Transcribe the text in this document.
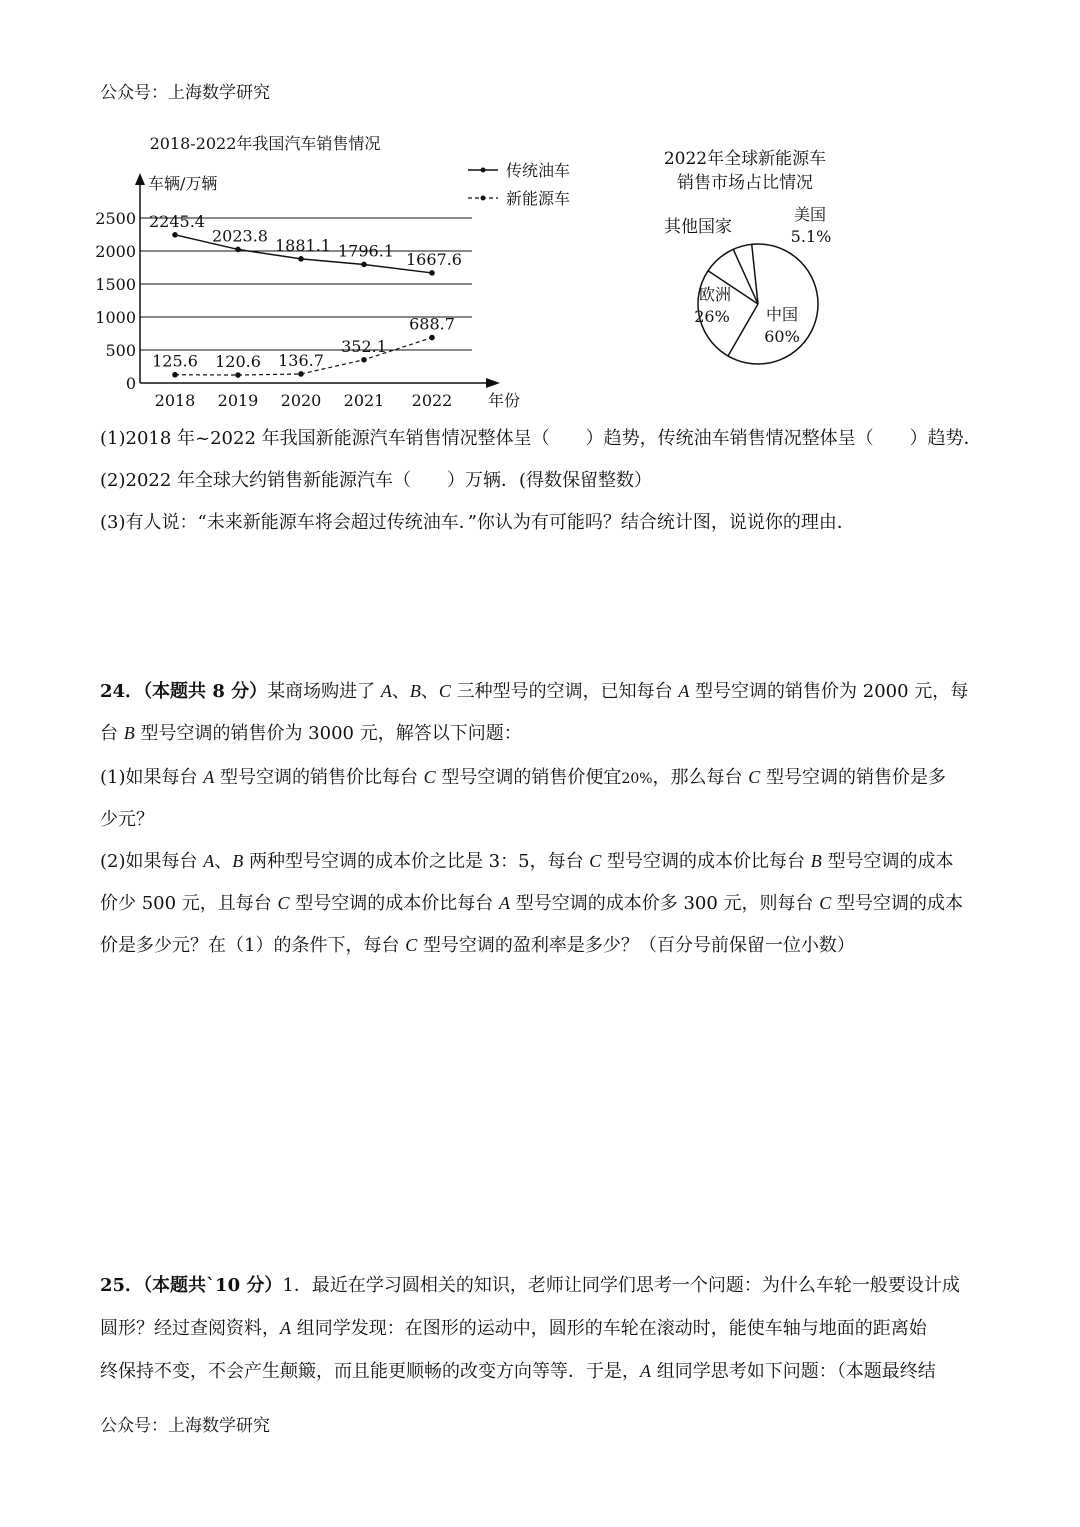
公众号：上海数学研究
2018-2022年我国汽车销售情况
车辆/万辆
年份
2500
2000
1500
1000
500
0
2018 2019 2020 2021 2022
2245.4
2023.8 1881.1 1796.1 1667.6
125.6 120.6 136.7
352.1
688.7
传统油车
新能源车
2022年全球新能源车
销售市场占比情况
中国
60%
欧洲
26%
美国
5.1%
其他国家
(1)2018 年~2022 年我国新能源汽车销售情况整体呈（　　）趋势，传统油车销售情况整体呈（　　）趋势．
(2)2022 年全球大约销售新能源汽车（　　）万辆．(得数保留整数）
(3)有人说：“未来新能源车将会超过传统油车．”你认为有可能吗？结合统计图，说说你的理由．
24．（本题共 8 分）某商场购进了 A、B、C 三种型号的空调，已知每台 A 型号空调的销售价为 2000 元，每
台 B 型号空调的销售价为 3000 元，解答以下问题：
(1)如果每台 A 型号空调的销售价比每台 C 型号空调的销售价便宜20%，那么每台 C 型号空调的销售价是多
少元？
(2)如果每台 A、B 两种型号空调的成本价之比是 3：5，每台 C 型号空调的成本价比每台 B 型号空调的成本
价少 500 元，且每台 C 型号空调的成本价比每台 A 型号空调的成本价多 300 元，则每台 C 型号空调的成本
价是多少元？在（1）的条件下，每台 C 型号空调的盈利率是多少？（百分号前保留一位小数）
25．（本题共`10 分）1．最近在学习圆相关的知识，老师让同学们思考一个问题：为什么车轮一般要设计成
圆形？经过查阅资料，A 组同学发现：在图形的运动中，圆形的车轮在滚动时，能使车轴与地面的距离始
终保持不变，不会产生颠簸，而且能更顺畅的改变方向等等．于是，A 组同学思考如下问题：（本题最终结
公众号：上海数学研究
